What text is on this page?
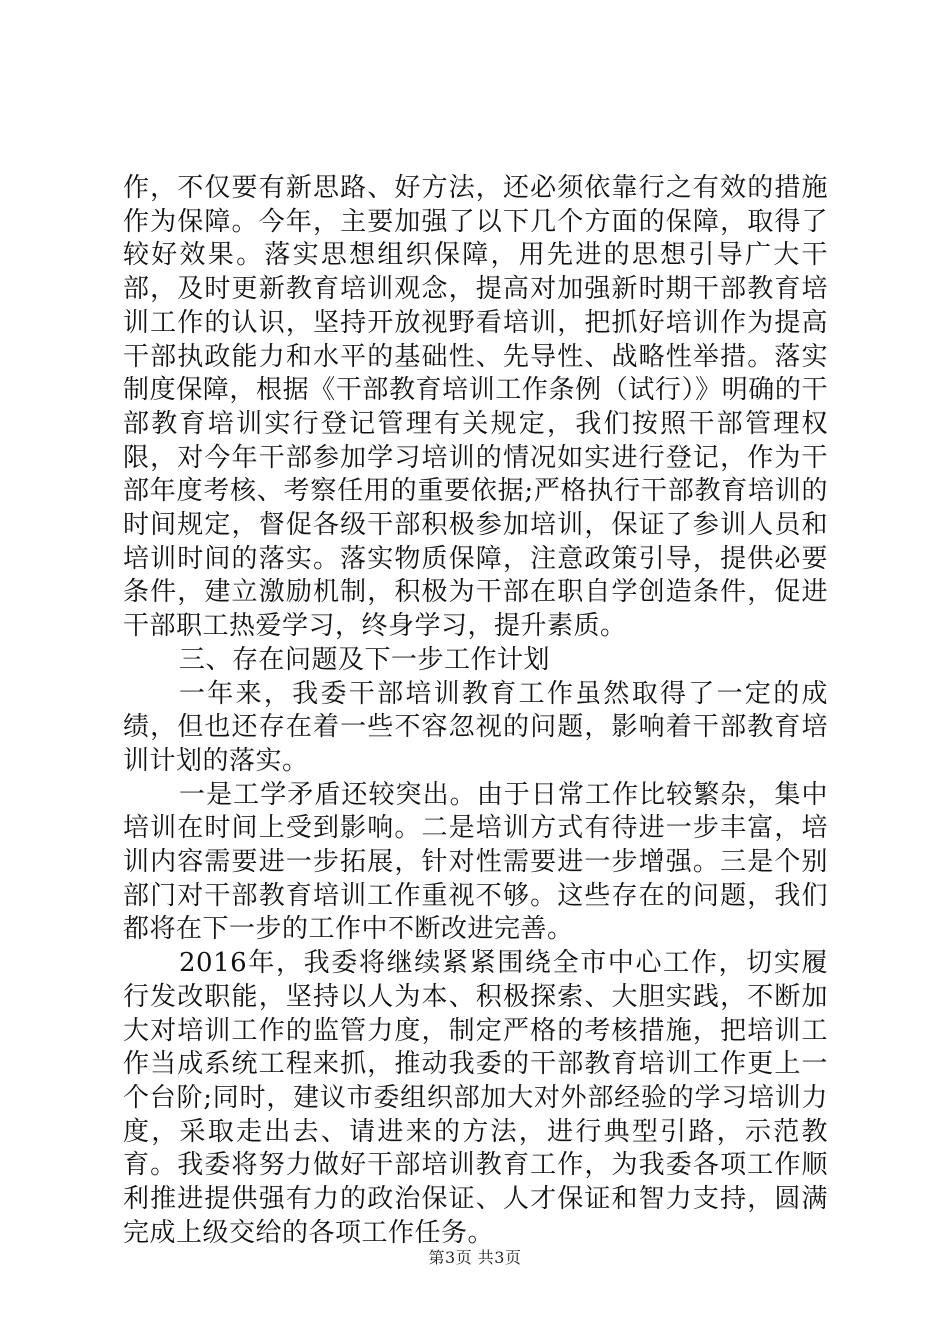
作，不仅要有新思路、好方法，还必须依靠行之有效的措施作为保障。今年，主要加强了以下几个方面的保障，取得了较好效果。落实思想组织保障，用先进的思想引导广大干部，及时更新教育培训观念，提高对加强新时期干部教育培训工作的认识，坚持开放视野看培训，把抓好培训作为提高干部执政能力和水平的基础性、先导性、战略性举措。落实制度保障，根据《干部教育培训工作条例（试行）》明确的干部教育培训实行登记管理有关规定，我们按照干部管理权限，对今年干部参加学习培训的情况如实进行登记，作为干部年度考核、考察任用的重要依据;严格执行干部教育培训的时间规定，督促各级干部积极参加培训，保证了参训人员和培训时间的落实。落实物质保障，注意政策引导，提供必要条件，建立激励机制，积极为干部在职自学创造条件，促进干部职工热爱学习，终身学习，提升素质。

三、存在问题及下一步工作计划

一年来，我委干部培训教育工作虽然取得了一定的成绩，但也还存在着一些不容忽视的问题，影响着干部教育培训计划的落实。

一是工学矛盾还较突出。由于日常工作比较繁杂，集中培训在时间上受到影响。二是培训方式有待进一步丰富，培训内容需要进一步拓展，针对性需要进一步增强。三是个别部门对干部教育培训工作重视不够。这些存在的问题，我们都将在下一步的工作中不断改进完善。

2016年，我委将继续紧紧围绕全市中心工作，切实履行发改职能，坚持以人为本、积极探索、大胆实践，不断加大对培训工作的监管力度，制定严格的考核措施，把培训工作当成系统工程来抓，推动我委的干部教育培训工作更上一个台阶;同时，建议市委组织部加大对外部经验的学习培训力度，采取走出去、请进来的方法，进行典型引路，示范教育。我委将努力做好干部培训教育工作，为我委各项工作顺利推进提供强有力的政治保证、人才保证和智力支持，圆满完成上级交给的各项工作任务。

第3页 共3页
